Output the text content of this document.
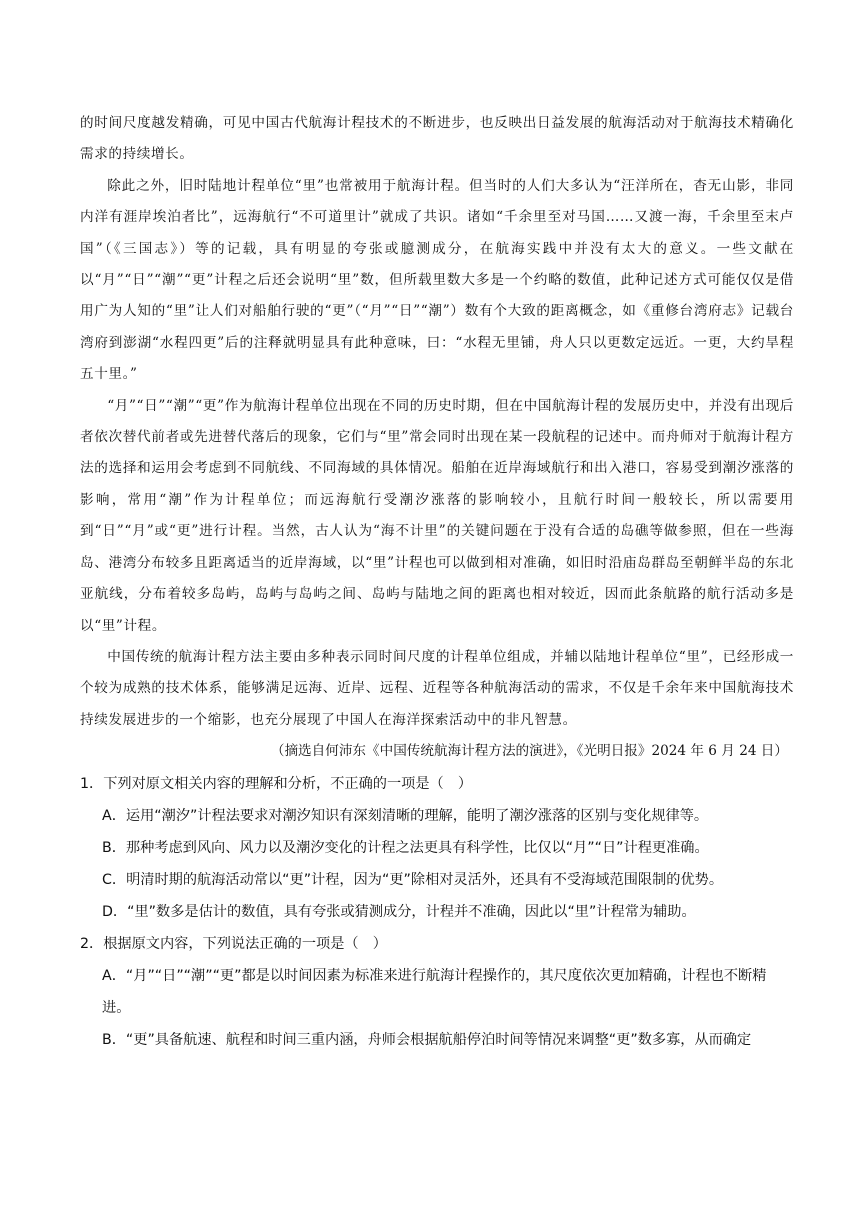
的时间尺度越发精确，可见中国古代航海计程技术的不断进步，也反映出日益发展的航海活动对于航海技术精确化需求的持续增长。

除此之外，旧时陆地计程单位“里”也常被用于航海计程。但当时的人们大多认为“汪洋所在，杳无山影，非同内洋有涯岸埃泊者比”，远海航行“不可道里计”就成了共识。诸如“千余里至对马国……又渡一海，千余里至末卢国”（《三国志》）等的记载，具有明显的夸张或臆测成分，在航海实践中并没有太大的意义。一些文献在以“月”“日”“潮”“更”计程之后还会说明“里”数，但所载里数大多是一个约略的数值，此种记述方式可能仅仅是借用广为人知的“里”让人们对船舶行驶的“更”（“月”“日”“潮”）数有个大致的距离概念，如《重修台湾府志》记载台湾府到澎湖“水程四更”后的注释就明显具有此种意味，曰：“水程无里铺，舟人只以更数定远近。一更，大约旱程五十里。”

“月”“日”“潮”“更”作为航海计程单位出现在不同的历史时期，但在中国航海计程的发展历史中，并没有出现后者依次替代前者或先进替代落后的现象，它们与“里”常会同时出现在某一段航程的记述中。而舟师对于航海计程方法的选择和运用会考虑到不同航线、不同海域的具体情况。船舶在近岸海域航行和出入港口，容易受到潮汐涨落的影响，常用“潮”作为计程单位；而远海航行受潮汐涨落的影响较小，且航行时间一般较长，所以需要用到“日”“月”或“更”进行计程。当然，古人认为“海不计里”的关键问题在于没有合适的岛礁等做参照，但在一些海岛、港湾分布较多且距离适当的近岸海域，以“里”计程也可以做到相对准确，如旧时沿庙岛群岛至朝鲜半岛的东北亚航线，分布着较多岛屿，岛屿与岛屿之间、岛屿与陆地之间的距离也相对较近，因而此条航路的航行活动多是以“里”计程。

中国传统的航海计程方法主要由多种表示同时间尺度的计程单位组成，并辅以陆地计程单位“里”，已经形成一个较为成熟的技术体系，能够满足远海、近岸、远程、近程等各种航海活动的需求，不仅是千余年来中国航海技术持续发展进步的一个缩影，也充分展现了中国人在海洋探索活动中的非凡智慧。

（摘选自何沛东《中国传统航海计程方法的演进》，《光明日报》2024 年 6 月 24 日）

1．下列对原文相关内容的理解和分析，不正确的一项是（　）

A．运用“潮汐”计程法要求对潮汐知识有深刻清晰的理解，能明了潮汐涨落的区别与变化规律等。

B．那种考虑到风向、风力以及潮汐变化的计程之法更具有科学性，比仅以“月”“日”计程更准确。

C．明清时期的航海活动常以“更”计程，因为“更”除相对灵活外，还具有不受海域范围限制的优势。

D．“里”数多是估计的数值，具有夸张或猜测成分，计程并不准确，因此以“里”计程常为辅助。

2．根据原文内容，下列说法正确的一项是（　）

A．“月”“日”“潮”“更”都是以时间因素为标准来进行航海计程操作的，其尺度依次更加精确，计程也不断精进。

B．“更”具备航速、航程和时间三重内涵，舟师会根据航船停泊时间等情况来调整“更”数多寡，从而确定
